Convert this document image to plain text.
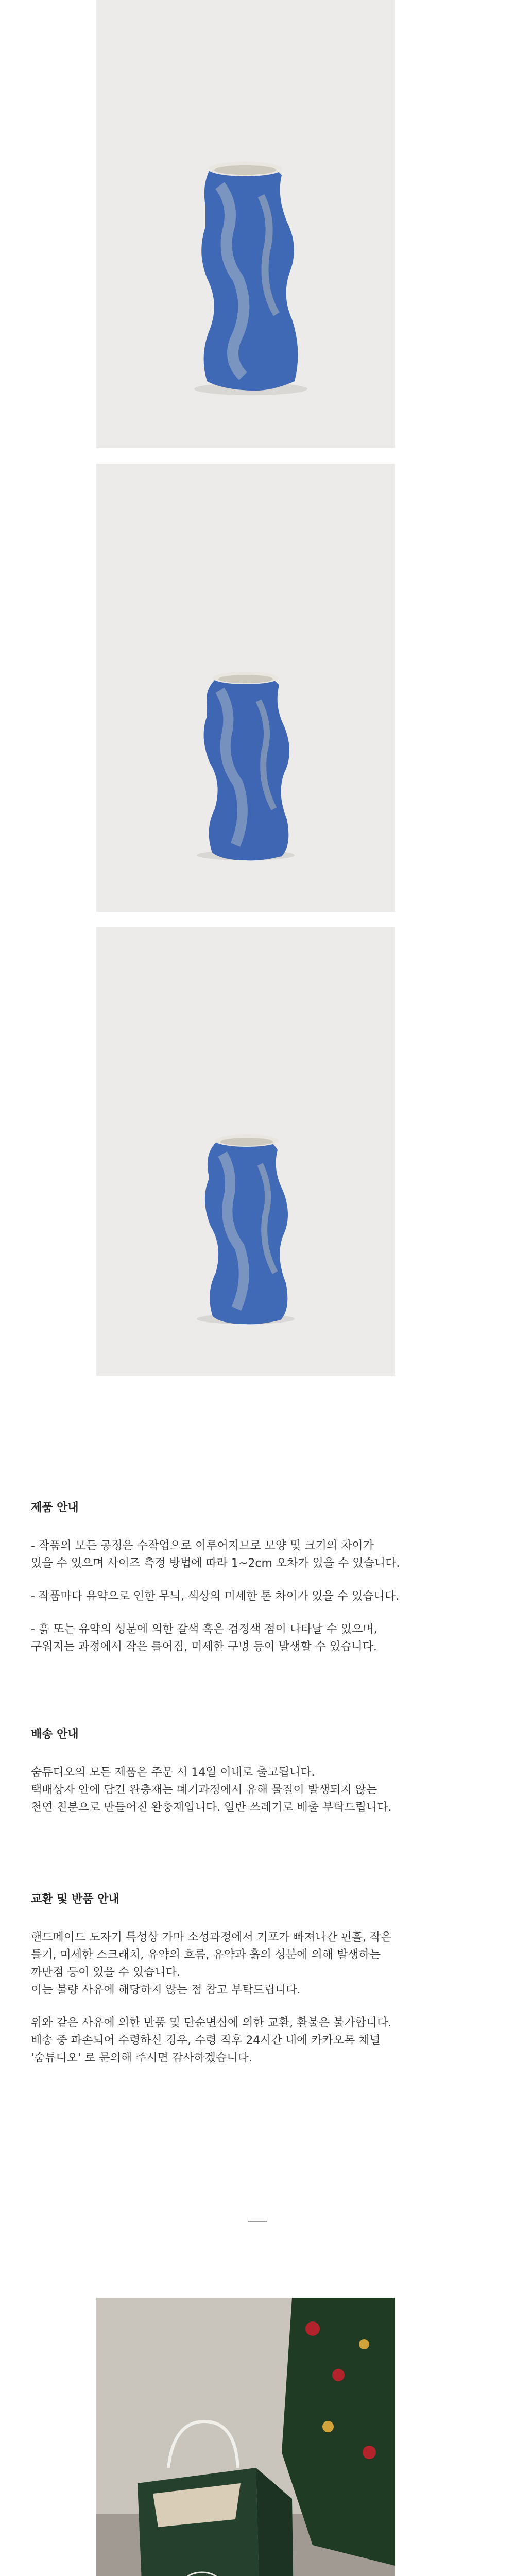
제품 안내

- 작품의 모든 공정은 수작업으로 이루어지므로 모양 및 크기의 차이가
있을 수 있으며 사이즈 측정 방법에 따라 1~2cm 오차가 있을 수 있습니다.

- 작품마다 유약으로 인한 무늬, 색상의 미세한 톤 차이가 있을 수 있습니다.

- 흙 또는 유약의 성분에 의한 갈색 혹은 검정색 점이 나타날 수 있으며,
구워지는 과정에서 작은 틀어짐, 미세한 구멍 등이 발생할 수 있습니다.

배송 안내

숨튜디오의 모든 제품은 주문 시 14일 이내로 출고됩니다.
택배상자 안에 담긴 완충재는 폐기과정에서 유해 물질이 발생되지 않는
천연 친분으로 만들어진 완충재입니다. 일반 쓰레기로 배출 부탁드립니다.

교환 및 반품 안내

핸드메이드 도자기 특성상 가마 소성과정에서 기포가 빠져나간 핀홀, 작은
틀기, 미세한 스크래치, 유약의 흐름, 유약과 흙의 성분에 의해 발생하는
까만점 등이 있을 수 있습니다.
이는 불량 사유에 해당하지 않는 점 참고 부탁드립니다.

위와 같은 사유에 의한 반품 및 단순변심에 의한 교환, 환불은 불가합니다.
배송 중 파손되어 수령하신 경우, 수령 직후 24시간 내에 카카오톡 채널
'숨튜디오' 로 문의해 주시면 감사하겠습니다.
